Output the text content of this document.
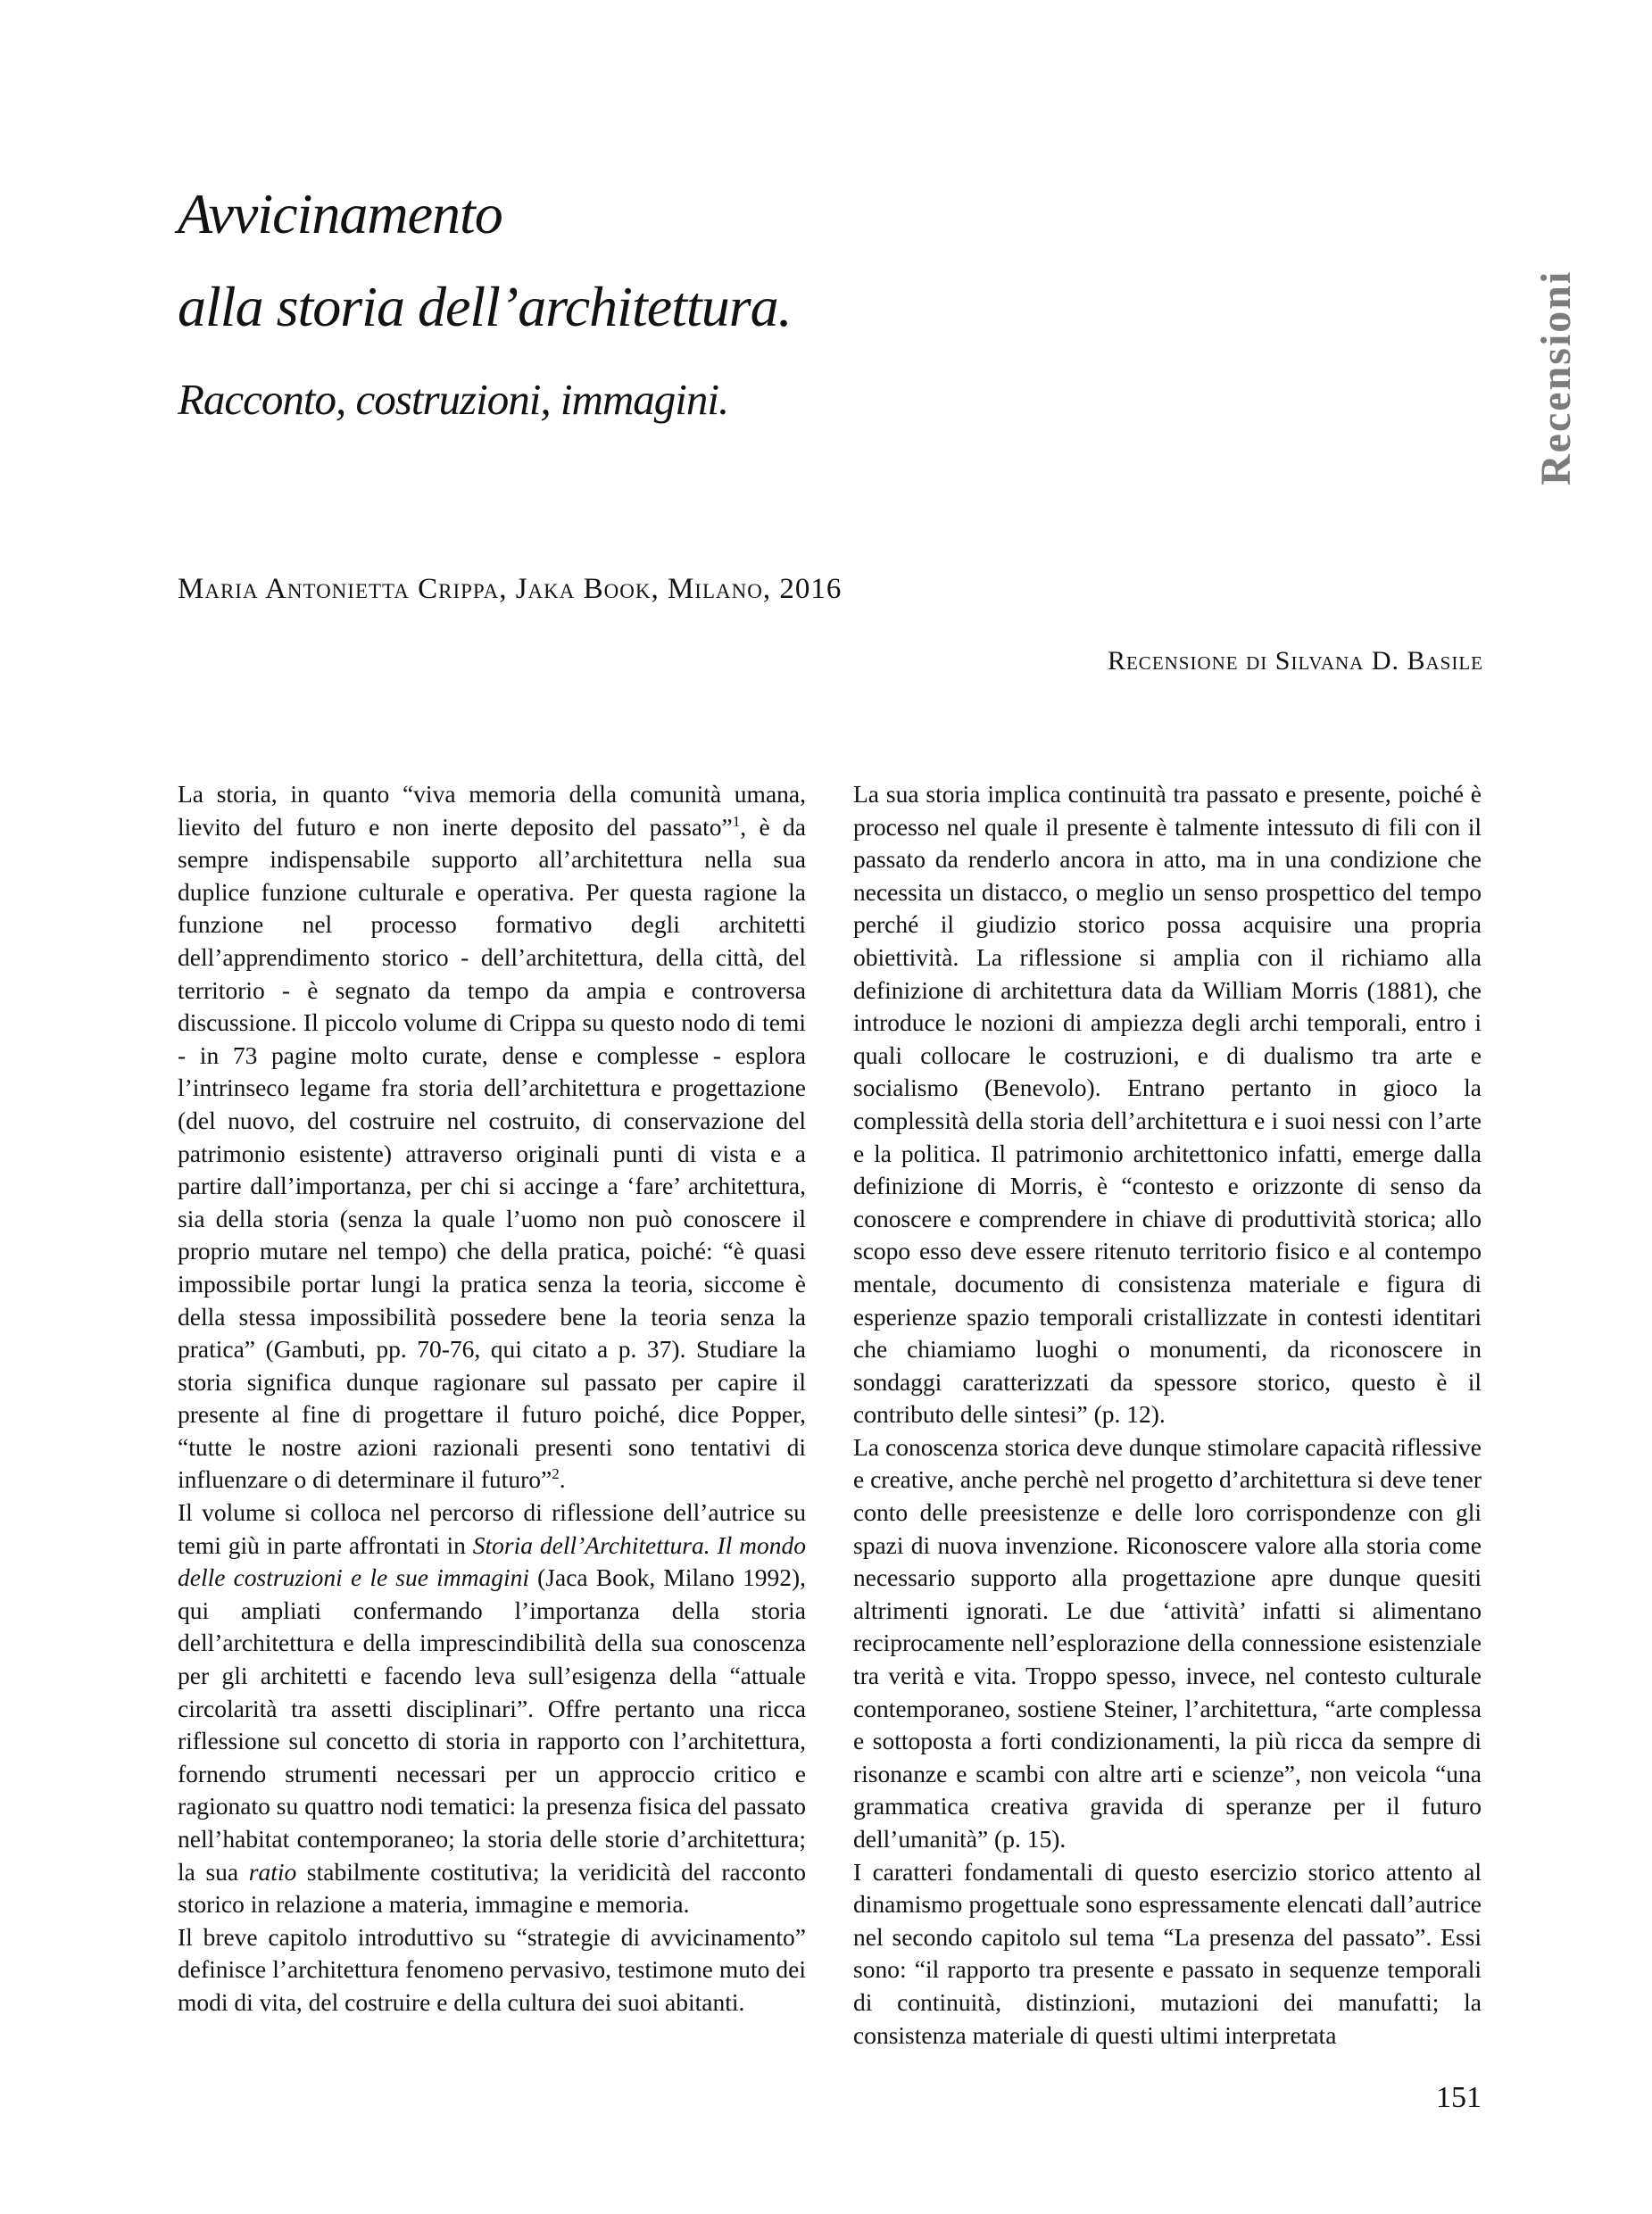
Recensioni
Avvicinamento
alla storia dell’architettura.
Racconto, costruzioni, immagini.
Maria Antonietta Crippa, Jaka Book, Milano, 2016
Recensione di Silvana D. Basile

La storia, in quanto “viva memoria della comunità umana, lievito del futuro e non inerte deposito del passato”$^1$, è da sempre indispensabile supporto all’architettura nella sua duplice funzione culturale e operativa. Per questa ragione la funzione nel processo formativo degli architetti dell’apprendimento storico - dell’architettura, della città, del territorio - è segnato da tempo da ampia e controversa discussione. Il piccolo volume di Crippa su questo nodo di temi - in 73 pagine molto curate, dense e complesse - esplora l’intrinseco legame fra storia dell’architettura e progettazione (del nuovo, del costruire nel costruito, di conservazione del patrimonio esistente) attraverso originali punti di vista e a partire dall’importanza, per chi si accinge a ‘fare’ architettura, sia della storia (senza la quale l’uomo non può conoscere il proprio mutare nel tempo) che della pratica, poiché: “è quasi impossibile portar lungi la pratica senza la teoria, siccome è della stessa impossibilità possedere bene la teoria senza la pratica” (Gambuti, pp. 70-76, qui citato a p. 37). Studiare la storia significa dunque ragionare sul passato per capire il presente al fine di progettare il futuro poiché, dice Popper, “tutte le nostre azioni razionali presenti sono tentativi di influenzare o di determinare il futuro”$^2$.

Il volume si colloca nel percorso di riflessione dell’autrice su temi giù in parte affrontati in Storia dell’Architettura. Il mondo delle costruzioni e le sue immagini (Jaca Book, Milano 1992), qui ampliati confermando l’importanza della storia dell’architettura e della imprescindibilità della sua conoscenza per gli architetti e facendo leva sull’esigenza della “attuale circolarità tra assetti disciplinari”. Offre pertanto una ricca riflessione sul concetto di storia in rapporto con l’architettura, fornendo strumenti necessari per un approccio critico e ragionato su quattro nodi tematici: la presenza fisica del passato nell’habitat contemporaneo; la storia delle storie d’architettura; la sua ratio stabilmente costitutiva; la veridicità del racconto storico in relazione a materia, immagine e memoria.

Il breve capitolo introduttivo su “strategie di avvicinamento” definisce l’architettura fenomeno pervasivo, testimone muto dei modi di vita, del costruire e della cultura dei suoi abitanti.

La sua storia implica continuità tra passato e presente, poiché è processo nel quale il presente è talmente intessuto di fili con il passato da renderlo ancora in atto, ma in una condizione che necessita un distacco, o meglio un senso prospettico del tempo perché il giudizio storico possa acquisire una propria obiettività. La riflessione si amplia con il richiamo alla definizione di architettura data da William Morris (1881), che introduce le nozioni di ampiezza degli archi temporali, entro i quali collocare le costruzioni, e di dualismo tra arte e socialismo (Benevolo). Entrano pertanto in gioco la complessità della storia dell’architettura e i suoi nessi con l’arte e la politica. Il patrimonio architettonico infatti, emerge dalla definizione di Morris, è “contesto e orizzonte di senso da conoscere e comprendere in chiave di produttività storica; allo scopo esso deve essere ritenuto territorio fisico e al contempo mentale, documento di consistenza materiale e figura di esperienze spazio temporali cristallizzate in contesti identitari che chiamiamo luoghi o monumenti, da riconoscere in sondaggi caratterizzati da spessore storico, questo è il contributo delle sintesi” (p. 12).

La conoscenza storica deve dunque stimolare capacità riflessive e creative, anche perchè nel progetto d’architettura si deve tener conto delle preesistenze e delle loro corrispondenze con gli spazi di nuova invenzione. Riconoscere valore alla storia come necessario supporto alla progettazione apre dunque quesiti altrimenti ignorati. Le due ‘attività’ infatti si alimentano reciprocamente nell’esplorazione della connessione esistenziale tra verità e vita. Troppo spesso, invece, nel contesto culturale contemporaneo, sostiene Steiner, l’architettura, “arte complessa e sottoposta a forti condizionamenti, la più ricca da sempre di risonanze e scambi con altre arti e scienze”, non veicola “una grammatica creativa gravida di speranze per il futuro dell’umanità” (p. 15).

I caratteri fondamentali di questo esercizio storico attento al dinamismo progettuale sono espressamente elencati dall’autrice nel secondo capitolo sul tema “La presenza del passato”. Essi sono: “il rapporto tra presente e passato in sequenze temporali di continuità, distinzioni, mutazioni dei manufatti; la consistenza materiale di questi ultimi interpretata

151
